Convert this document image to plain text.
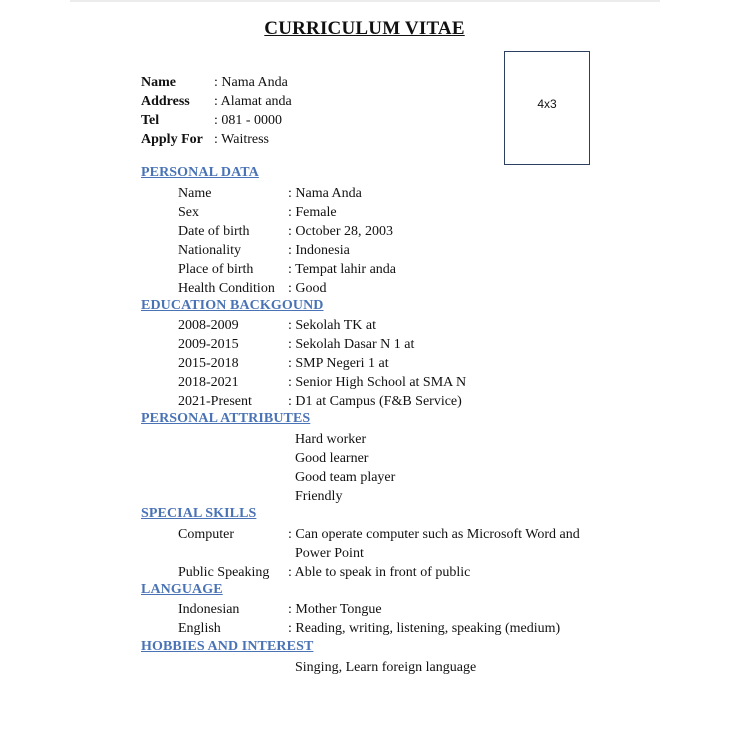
CURRICULUM VITAE
4x3
Name	: Nama Anda
Address : Alamat anda
Tel	: 081 - 0000
Apply For : Waitress
PERSONAL DATA
Name	: Nama Anda
Sex	: Female
Date of birth	: October 28, 2003
Nationality	: Indonesia
Place of birth : Tempat lahir anda
Health Condition : Good
EDUCATION BACKGOUND
2008-2009	: Sekolah TK at
2009-2015	: Sekolah Dasar N 1 at
2015-2018	: SMP Negeri 1 at
2018-2021	: Senior High School at SMA N
2021-Present	: D1 at Campus (F&B Service)
PERSONAL ATTRIBUTES
Hard worker
Good learner
Good team player
Friendly
SPECIAL SKILLS
Computer	: Can operate computer such as Microsoft Word and
Power Point
Public Speaking : Able to speak in front of public
LANGUAGE
Indonesian	: Mother Tongue
English	: Reading, writing, listening, speaking (medium)
HOBBIES AND INTEREST
Singing, Learn foreign language
